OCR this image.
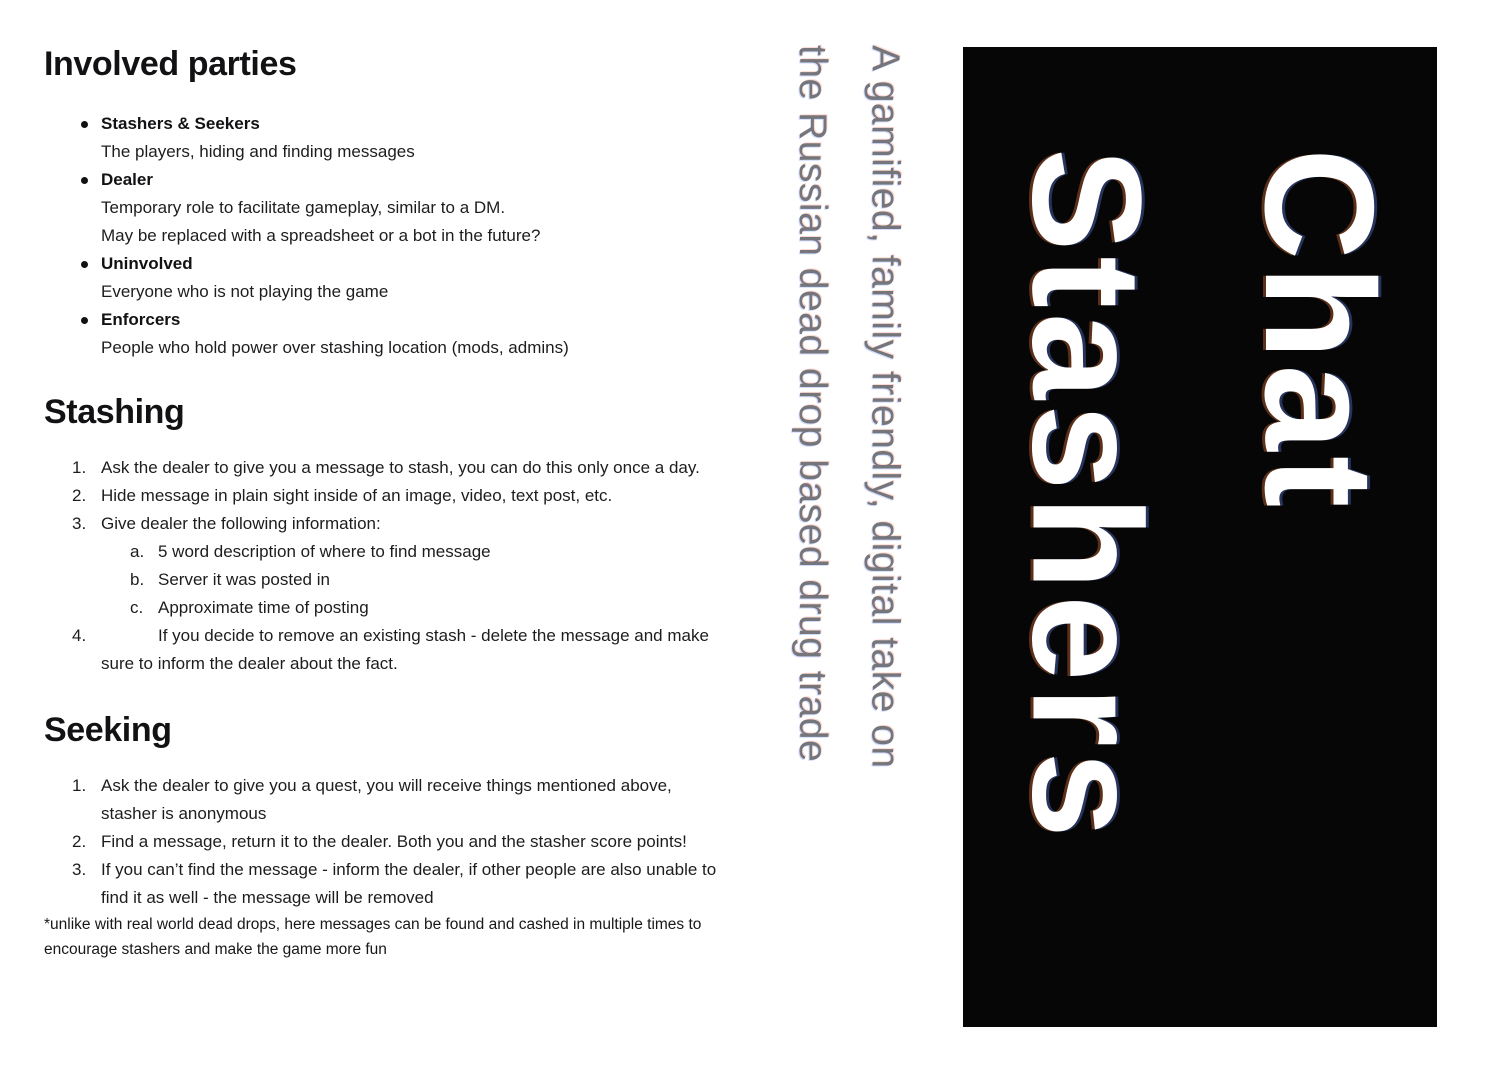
Involved parties
Stashers & Seekers
The players, hiding and finding messages
Dealer
Temporary role to facilitate gameplay, similar to a DM.
May be replaced with a spreadsheet or a bot in the future?
Uninvolved
Everyone who is not playing the game
Enforcers
People who hold power over stashing location (mods, admins)
Stashing
1. Ask the dealer to give you a message to stash, you can do this only once a day.
2. Hide message in plain sight inside of an image, video, text post, etc.
3. Give dealer the following information:
a. 5 word description of where to find message
b. Server it was posted in
c. Approximate time of posting
4.	If you decide to remove an existing stash - delete the message and make sure to inform the dealer about the fact.
Seeking
1. Ask the dealer to give you a quest, you will receive things mentioned above, stasher is anonymous
2. Find a message, return it to the dealer. Both you and the stasher score points!
3. If you can’t find the message - inform the dealer, if other people are also unable to find it as well - the message will be removed

*unlike with real world dead drops, here messages can be found and cashed in multiple times to encourage stashers and make the game more fun

A gamified, family friendly, digital take on
the Russian dead drop based drug trade	Chat
Stashers
